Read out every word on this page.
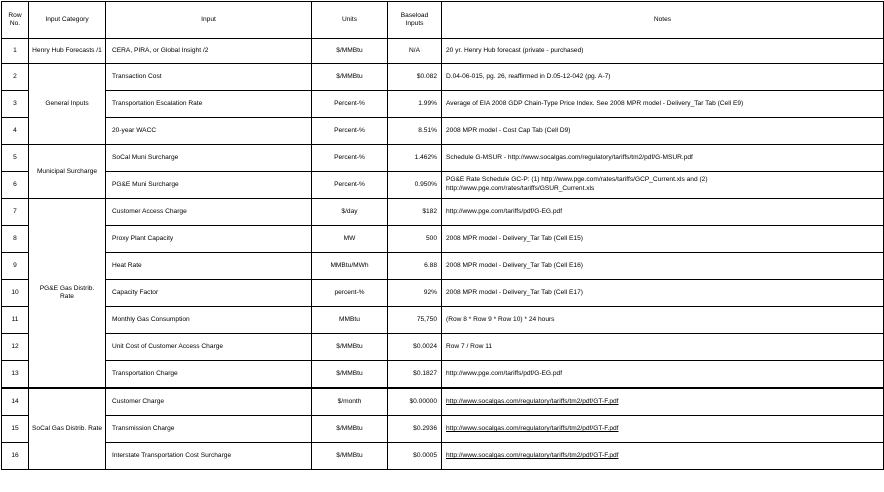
Row No.	Input Category	Input	Units	Baseload Inputs	Notes
1	Henry Hub Forecasts /1	CERA, PIRA, or Global Insight /2	$/MMBtu	N/A	20 yr. Henry Hub forecast (private - purchased)
2	General Inputs	Transaction Cost	$/MMBtu	$0.082	D.04-06-015, pg. 26, reaffirmed in D.05-12-042 (pg. A-7)
3		Transportation Escalation Rate	Percent-%	1.99%	Average of EIA 2008 GDP Chain-Type Price Index. See 2008 MPR model - Delivery_Tar Tab (Cell E9)
4		20-year WACC	Percent-%	8.51%	2008 MPR model - Cost Cap Tab (Cell D9)
5	Municipal Surcharge	SoCal Muni Surcharge	Percent-%	1.462%	Schedule G-MSUR - http://www.socalgas.com/regulatory/tariffs/tm2/pdf/G-MSUR.pdf
6		PG&E Muni Surcharge	Percent-%	0.950%	PG&E Rate Schedule GC-P: (1) http://www.pge.com/rates/tariffs/GCP_Current.xls and (2)
http://www.pge.com/rates/tariffs/GSUR_Current.xls

7	PG&E Gas Distrib. Rate	Customer Access Charge	$/day	$182	http://www.pge.com/tariffs/pdf/G-EG.pdf
8		Proxy Plant Capacity	MW	500	2008 MPR model - Delivery_Tar Tab (Cell E15)
9		Heat Rate	MMBtu/MWh	6.88	2008 MPR model - Delivery_Tar Tab (Cell E16)
10		Capacity Factor	percent-%	92%	2008 MPR model - Delivery_Tar Tab (Cell E17)
11		Monthly Gas Consumption	MMBtu	75,750	(Row 8 * Row 9 * Row 10) * 24 hours
12		Unit Cost of Customer Access Charge	$/MMBtu	$0.0024	Row 7 / Row 11
13		Transportation Charge	$/MMBtu	$0.1827	http://www.pge.com/tariffs/pdf/G-EG.pdf
14	SoCal Gas Distrib. Rate	Customer Charge	$/month	$0.00000	http://www.socalgas.com/regulatory/tariffs/tm2/pdf/GT-F.pdf
15		Transmission Charge	$/MMBtu	$0.2936	http://www.socalgas.com/regulatory/tariffs/tm2/pdf/GT-F.pdf
16		Interstate Transportation Cost Surcharge	$/MMBtu	$0.0005	http://www.socalgas.com/regulatory/tariffs/tm2/pdf/GT-F.pdf
